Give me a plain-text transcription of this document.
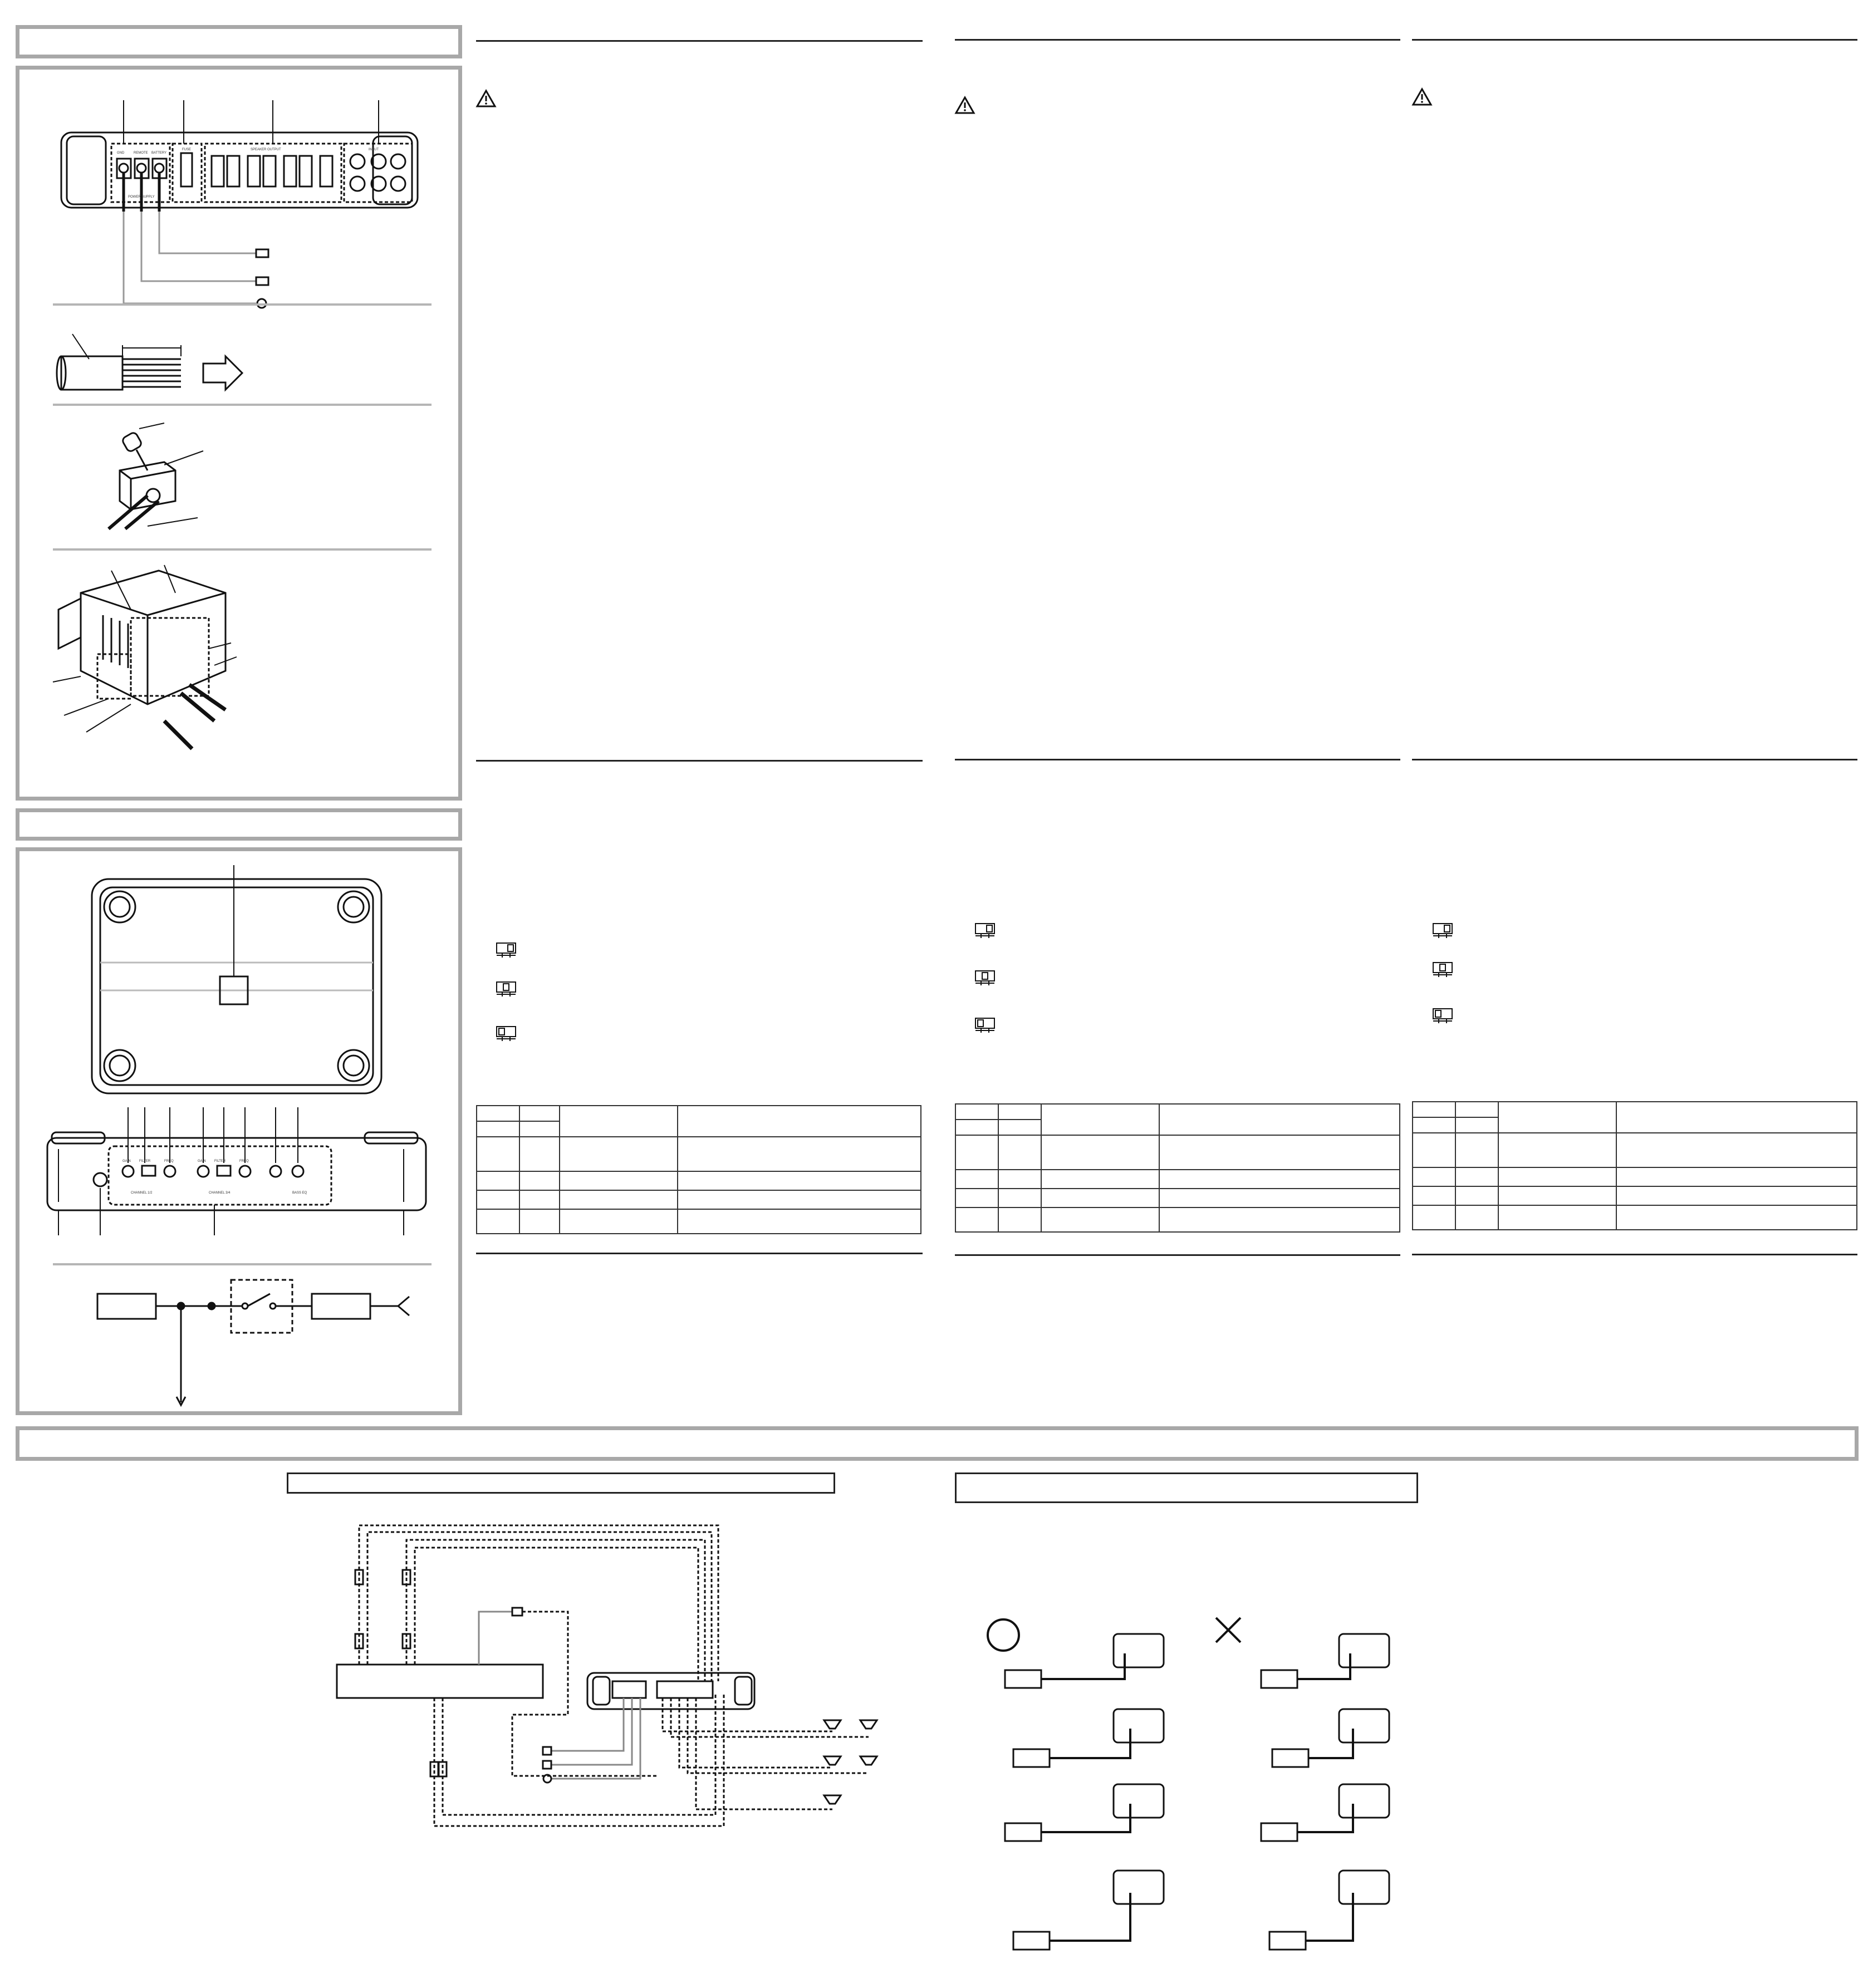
GND	REMOTE BATTERY
POWER SUPPLY
FUSE	SPEAKER OUTPUT	INPUT
CHANNEL 1/2	CHANNEL 3/4	BASS EQ
FILTER	FILTER
FREQ	FREQ
GAIN	GAIN
